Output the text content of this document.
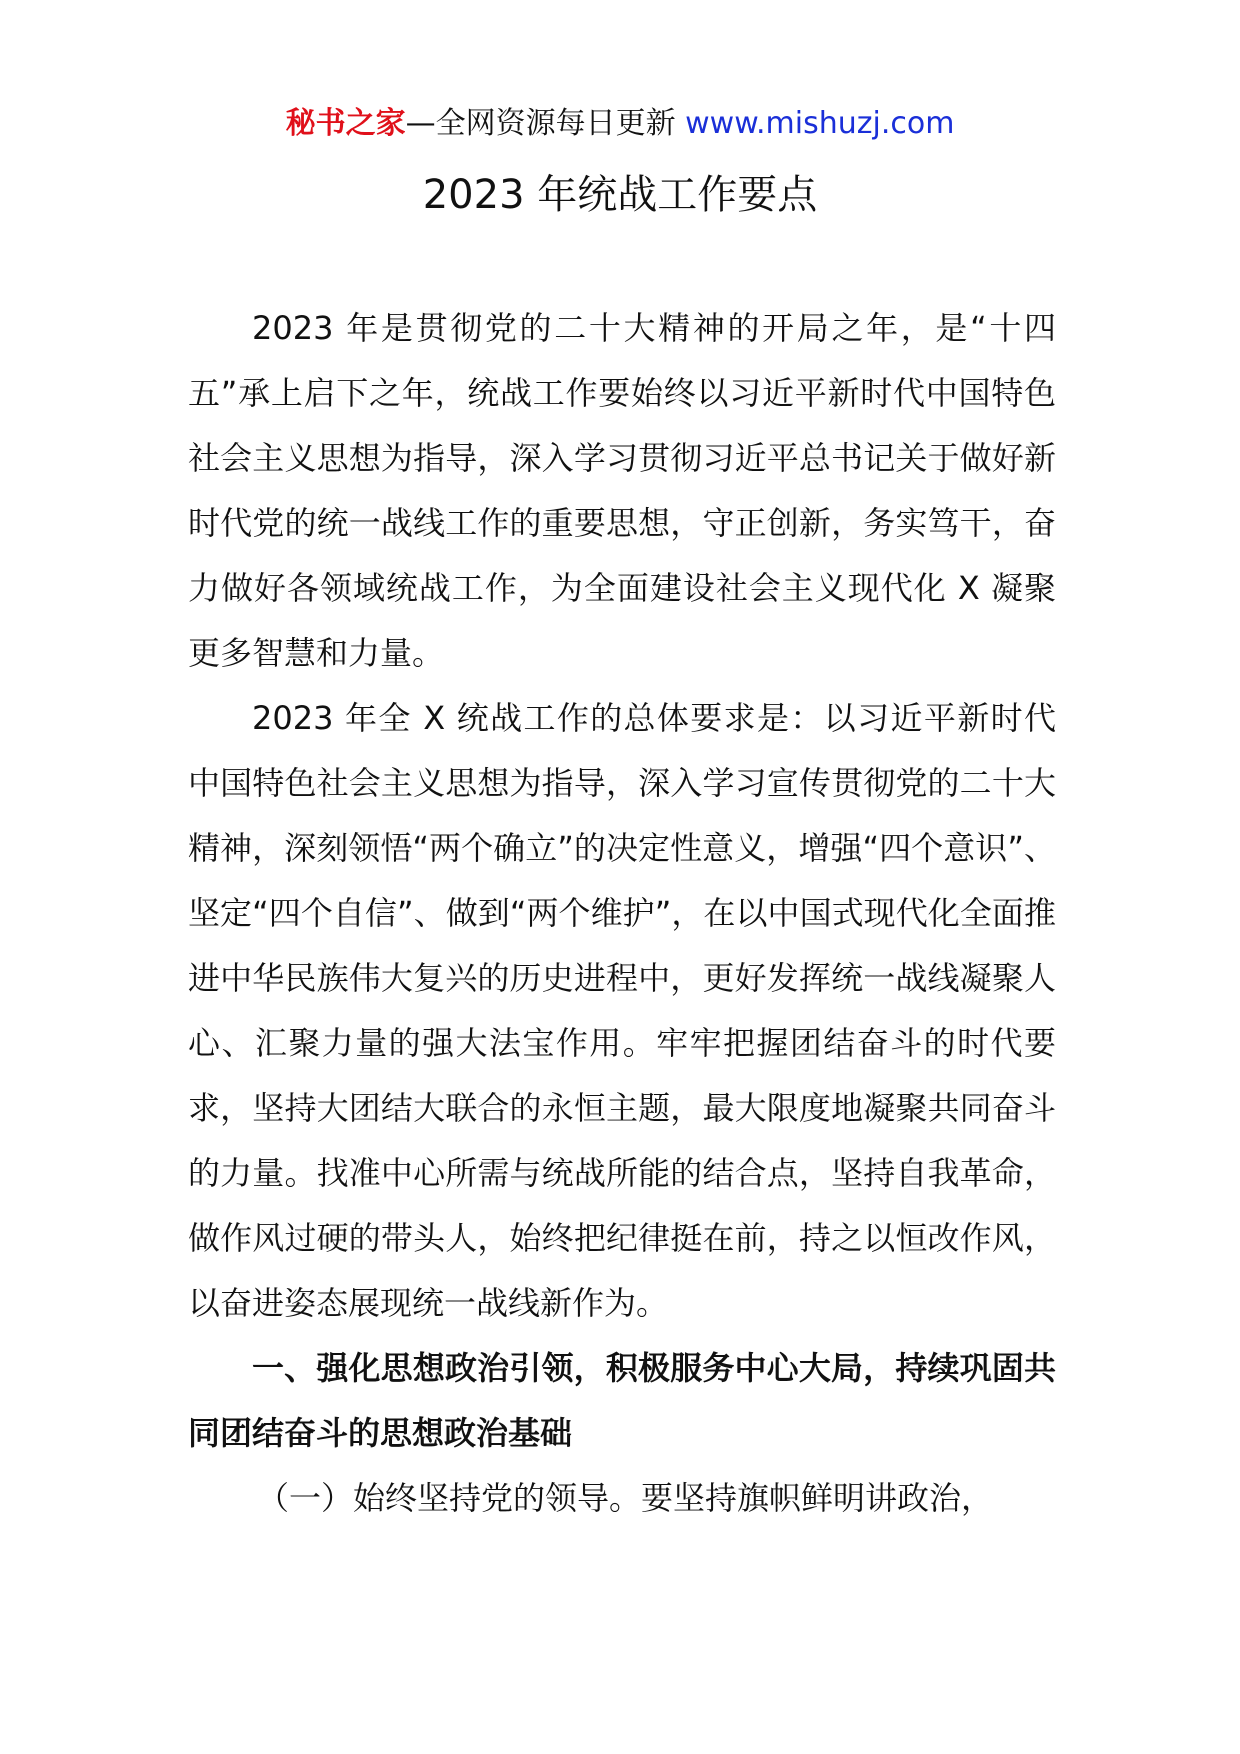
秘书之家—全网资源每日更新 www.mishuzj.com
2023 年统战工作要点

2023 年是贯彻党的二十大精神的开局之年，是“十四五”承上启下之年，统战工作要始终以习近平新时代中国特色社会主义思想为指导，深入学习贯彻习近平总书记关于做好新时代党的统一战线工作的重要思想，守正创新，务实笃干，奋力做好各领域统战工作，为全面建设社会主义现代化 X 凝聚更多智慧和力量。

2023 年全 X 统战工作的总体要求是：以习近平新时代中国特色社会主义思想为指导，深入学习宣传贯彻党的二十大精神，深刻领悟“两个确立”的决定性意义，增强“四个意识”、坚定“四个自信”、做到“两个维护”，在以中国式现代化全面推进中华民族伟大复兴的历史进程中，更好发挥统一战线凝聚人心、汇聚力量的强大法宝作用。牢牢把握团结奋斗的时代要求，坚持大团结大联合的永恒主题，最大限度地凝聚共同奋斗的力量。找准中心所需与统战所能的结合点，坚持自我革命，做作风过硬的带头人，始终把纪律挺在前，持之以恒改作风，以奋进姿态展现统一战线新作为。

一、强化思想政治引领，积极服务中心大局，持续巩固共同团结奋斗的思想政治基础

（一）始终坚持党的领导。要坚持旗帜鲜明讲政治，
